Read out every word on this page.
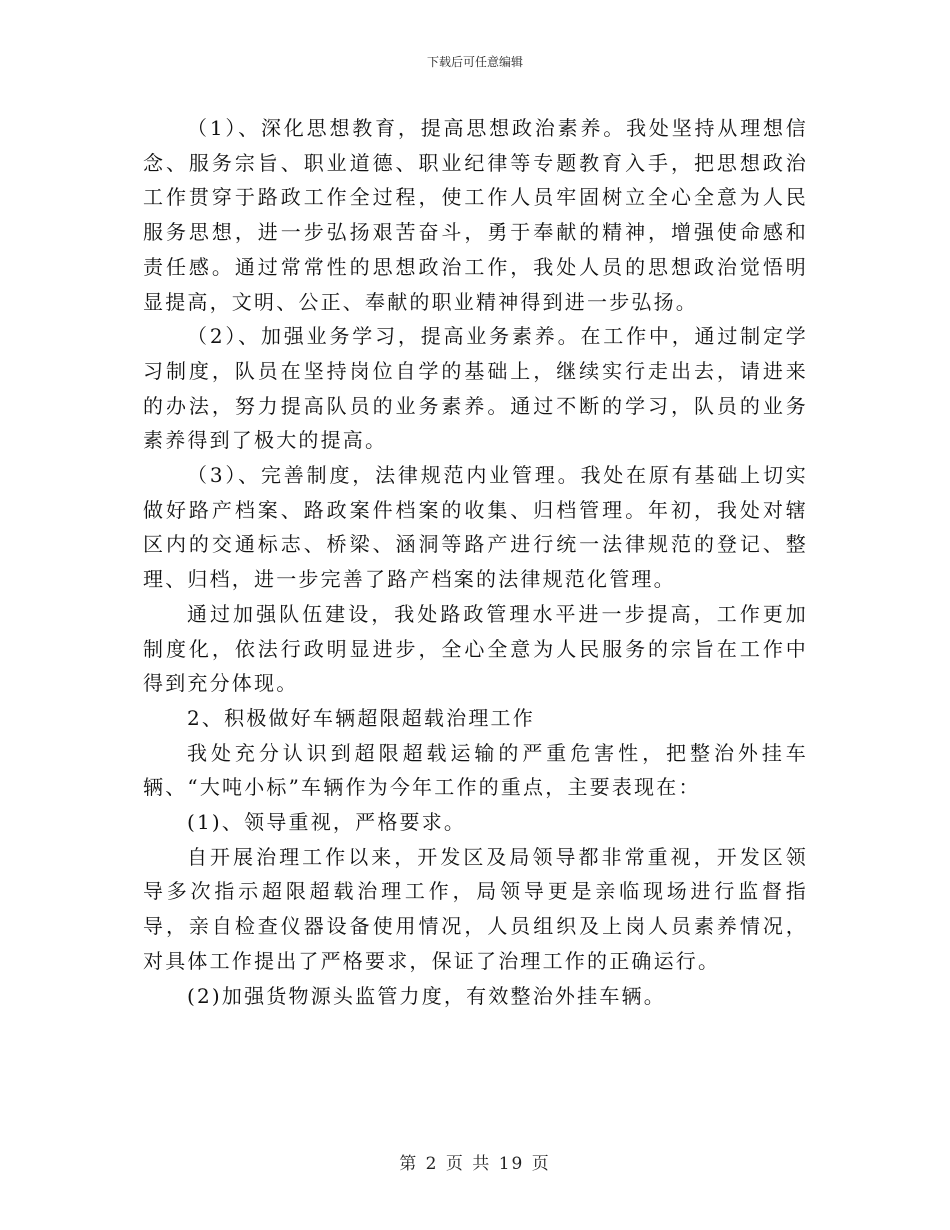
下载后可任意编辑

（1）、深化思想教育，提高思想政治素养。我处坚持从理想信念、服务宗旨、职业道德、职业纪律等专题教育入手，把思想政治工作贯穿于路政工作全过程，使工作人员牢固树立全心全意为人民服务思想，进一步弘扬艰苦奋斗，勇于奉献的精神，增强使命感和责任感。通过常常性的思想政治工作，我处人员的思想政治觉悟明显提高，文明、公正、奉献的职业精神得到进一步弘扬。

（2）、加强业务学习，提高业务素养。在工作中，通过制定学习制度，队员在坚持岗位自学的基础上，继续实行走出去，请进来的办法，努力提高队员的业务素养。通过不断的学习，队员的业务素养得到了极大的提高。

（3）、完善制度，法律规范内业管理。我处在原有基础上切实做好路产档案、路政案件档案的收集、归档管理。年初，我处对辖区内的交通标志、桥梁、涵洞等路产进行统一法律规范的登记、整理、归档，进一步完善了路产档案的法律规范化管理。

通过加强队伍建设，我处路政管理水平进一步提高，工作更加制度化，依法行政明显进步，全心全意为人民服务的宗旨在工作中得到充分体现。

2、积极做好车辆超限超载治理工作

我处充分认识到超限超载运输的严重危害性，把整治外挂车辆、“大吨小标”车辆作为今年工作的重点，主要表现在：

(1)、领导重视，严格要求。

自开展治理工作以来，开发区及局领导都非常重视，开发区领导多次指示超限超载治理工作，局领导更是亲临现场进行监督指导，亲自检查仪器设备使用情况，人员组织及上岗人员素养情况，对具体工作提出了严格要求，保证了治理工作的正确运行。

(2)加强货物源头监管力度，有效整治外挂车辆。

第 2 页 共 19 页
